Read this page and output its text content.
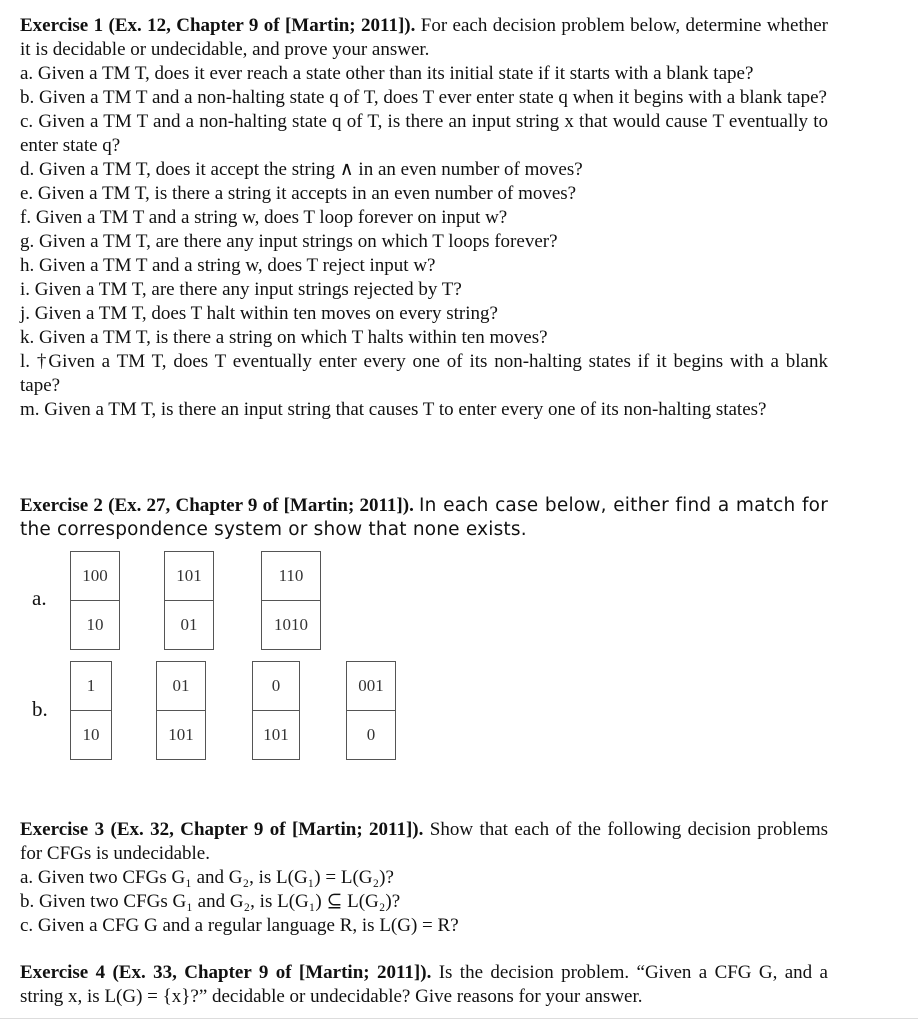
Exercise 1 (Ex. 12, Chapter 9 of [Martin; 2011]). For each decision problem below, determine whether it is decidable or undecidable, and prove your answer.

a. Given a TM T, does it ever reach a state other than its initial state if it starts with a blank tape?

b. Given a TM T and a non-halting state q of T, does T ever enter state q when it begins with a blank tape?

c. Given a TM T and a non-halting state q of T, is there an input string x that would cause T eventually to enter state q?

d. Given a TM T, does it accept the string ∧ in an even number of moves?

e. Given a TM T, is there a string it accepts in an even number of moves?

f. Given a TM T and a string w, does T loop forever on input w?

g. Given a TM T, are there any input strings on which T loops forever?

h. Given a TM T and a string w, does T reject input w?

i. Given a TM T, are there any input strings rejected by T?

j. Given a TM T, does T halt within ten moves on every string?

k. Given a TM T, is there a string on which T halts within ten moves?

l. †Given a TM T, does T eventually enter every one of its non-halting states if it begins with a blank tape?

m. Given a TM T, is there an input string that causes T to enter every one of its non-halting states?

Exercise 2 (Ex. 27, Chapter 9 of [Martin; 2011]). In each case below, either find a match for the correspondence system or show that none exists.

a.
100
10
101
01
110
1010
b.
1
10
01
101
0
101
001
0

Exercise 3 (Ex. 32, Chapter 9 of [Martin; 2011]). Show that each of the following decision problems for CFGs is undecidable.

a. Given two CFGs G₁ and G₂, is L(G₁) = L(G₂)?

b. Given two CFGs G₁ and G₂, is L(G₁) ⊆ L(G₂)?

c. Given a CFG G and a regular language R, is L(G) = R?

Exercise 4 (Ex. 33, Chapter 9 of [Martin; 2011]). Is the decision problem. “Given a CFG G, and a string x, is L(G) = {x}?” decidable or undecidable? Give reasons for your answer.
